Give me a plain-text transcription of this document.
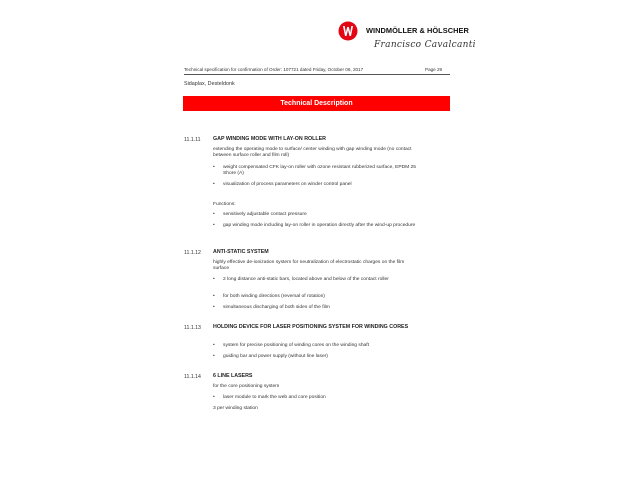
WINDMÖLLER & HÖLSCHER
Francisco Cavalcanti
Technical specification for confirmation of Order: 107721 dated Friday, October 06, 2017	Page 29
Sidaplax, Desteldonk
Technical Description
11.1.11 GAP WINDING MODE WITH LAY-ON ROLLER
extending the operating mode to surface/ center winding with gap winding mode (no contact between surface roller and film roll)
• weight compensated CFK lay-on roller with ozone resistant rubberized surface, EPDM 25 Shore (A)
• visualization of process parameters on winder control panel
Functions:
• sensitively adjustable contact pressure
• gap winding mode including lay-on roller in operation directly after the wind-up procedure
11.1.12 ANTI-STATIC SYSTEM
highly effective de-ionization system for neutralization of electrostatic charges on the film surface
• 2 long distance anti-static bars, located above and below of the contact roller
• for both winding directions (reversal of rotation)
• simultaneous discharging of both sides of the film
11.1.13 HOLDING DEVICE FOR LASER POSITIONING SYSTEM FOR WINDING CORES
• system for precise positioning of winding cores on the winding shaft
• guiding bar and power supply (without line laser)
11.1.14 6 LINE LASERS
for the core positioning system
• laser module to mark the web and core position
3 per winding station
